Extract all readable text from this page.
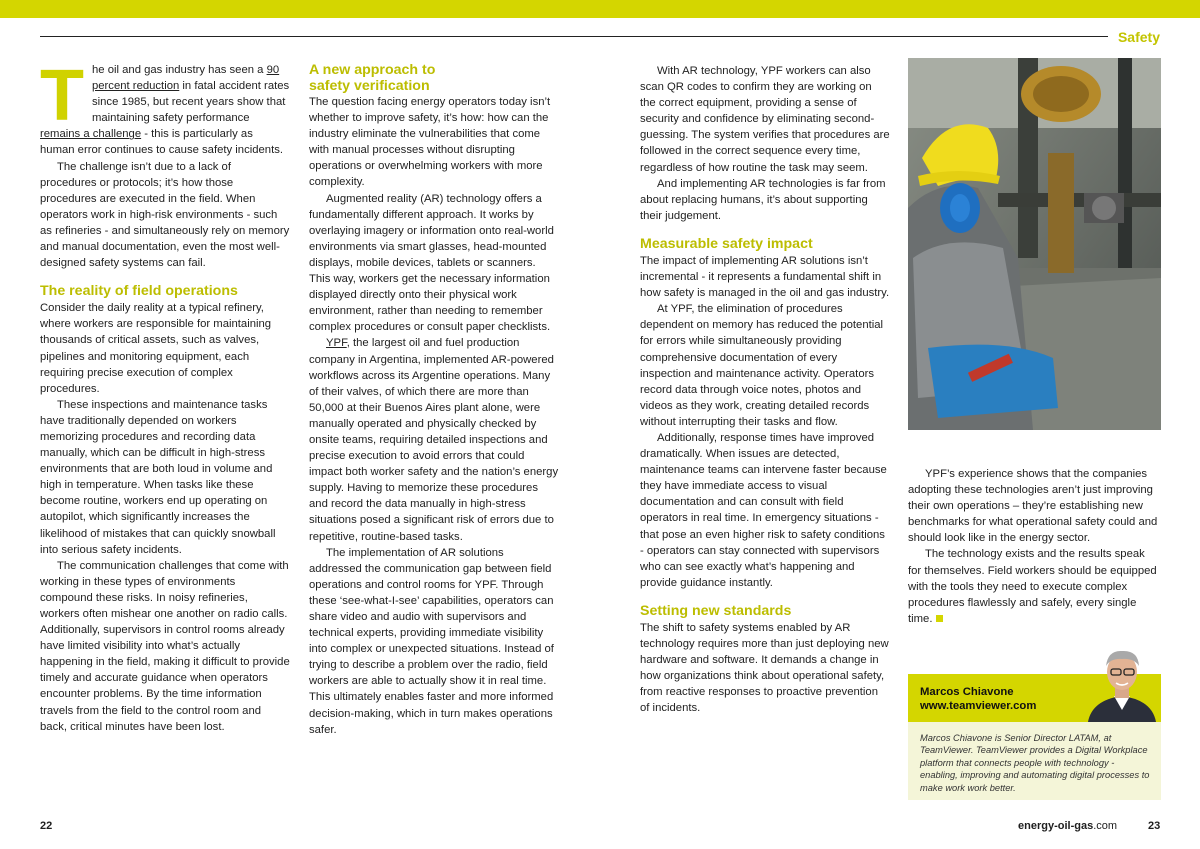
Safety

The oil and gas industry has seen a 90 percent reduction in fatal accident rates since 1985, but recent years show that maintaining safety performance remains a challenge - this is particularly as human error continues to cause safety incidents.

The challenge isn’t due to a lack of procedures or protocols; it’s how those procedures are executed in the field. When operators work in high-risk environments - such as refineries - and simultaneously rely on memory and manual documentation, even the most well-designed safety systems can fail.

The reality of field operations

Consider the daily reality at a typical refinery, where workers are responsible for maintaining thousands of critical assets, such as valves, pipelines and monitoring equipment, each requiring precise execution of complex procedures.

These inspections and maintenance tasks have traditionally depended on workers memorizing procedures and recording data manually, which can be difficult in high-stress environments that are both loud in volume and high in temperature. When tasks like these become routine, workers end up operating on autopilot, which significantly increases the likelihood of mistakes that can quickly snowball into serious safety incidents.

The communication challenges that come with working in these types of environments compound these risks. In noisy refineries, workers often mishear one another on radio calls. Additionally, supervisors in control rooms already have limited visibility into what’s actually happening in the field, making it difficult to provide timely and accurate guidance when operators encounter problems. By the time information travels from the field to the control room and back, critical minutes have been lost.

A new approach to safety verification

The question facing energy operators today isn’t whether to improve safety, it’s how: how can the industry eliminate the vulnerabilities that come with manual processes without disrupting operations or overwhelming workers with more complexity.

Augmented reality (AR) technology offers a fundamentally different approach. It works by overlaying imagery or information onto real-world environments via smart glasses, head-mounted displays, mobile devices, tablets or scanners. This way, workers get the necessary information displayed directly onto their physical work environment, rather than needing to remember complex procedures or consult paper checklists.

YPF, the largest oil and fuel production company in Argentina, implemented AR-powered workflows across its Argentine operations. Many of their valves, of which there are more than 50,000 at their Buenos Aires plant alone, were manually operated and physically checked by onsite teams, requiring detailed inspections and precise execution to avoid errors that could impact both worker safety and the nation’s energy supply. Having to memorize these procedures and record the data manually in high-stress situations posed a significant risk of errors due to repetitive, routine-based tasks.

The implementation of AR solutions addressed the communication gap between field operations and control rooms for YPF. Through these ‘see-what-I-see’ capabilities, operators can share video and audio with supervisors and technical experts, providing immediate visibility into complex or unexpected situations. Instead of trying to describe a problem over the radio, field workers are able to actually show it in real time. This ultimately enables faster and more informed decision-making, which in turn makes operations safer.

With AR technology, YPF workers can also scan QR codes to confirm they are working on the correct equipment, providing a sense of security and confidence by eliminating second-guessing. The system verifies that procedures are followed in the correct sequence every time, regardless of how routine the task may seem.

And implementing AR technologies is far from about replacing humans, it’s about supporting their judgement.

Measurable safety impact

The impact of implementing AR solutions isn’t incremental - it represents a fundamental shift in how safety is managed in the oil and gas industry.

At YPF, the elimination of procedures dependent on memory has reduced the potential for errors while simultaneously providing comprehensive documentation of every inspection and maintenance activity. Operators record data through voice notes, photos and videos as they work, creating detailed records without interrupting their tasks and flow.

Additionally, response times have improved dramatically. When issues are detected, maintenance teams can intervene faster because they have immediate access to visual documentation and can consult with field operators in real time. In emergency situations - that pose an even higher risk to safety conditions - operators can stay connected with supervisors who can see exactly what’s happening and provide guidance instantly.

Setting new standards

The shift to safety systems enabled by AR technology requires more than just deploying new hardware and software. It demands a change in how organizations think about operational safety, from reactive responses to proactive prevention of incidents.

YPF’s experience shows that the companies adopting these technologies aren’t just improving their own operations – they’re establishing new benchmarks for what operational safety could and should look like in the energy sector.

The technology exists and the results speak for themselves. Field workers should be equipped with the tools they need to execute complex procedures flawlessly and safely, every single time.

Marcos Chiavone
www.teamviewer.com
Marcos Chiavone is Senior Director LATAM, at TeamViewer. TeamViewer provides a Digital Workplace platform that connects people with technology - enabling, improving and automating digital processes to make work work better.
22	energy-oil-gas.com	23
